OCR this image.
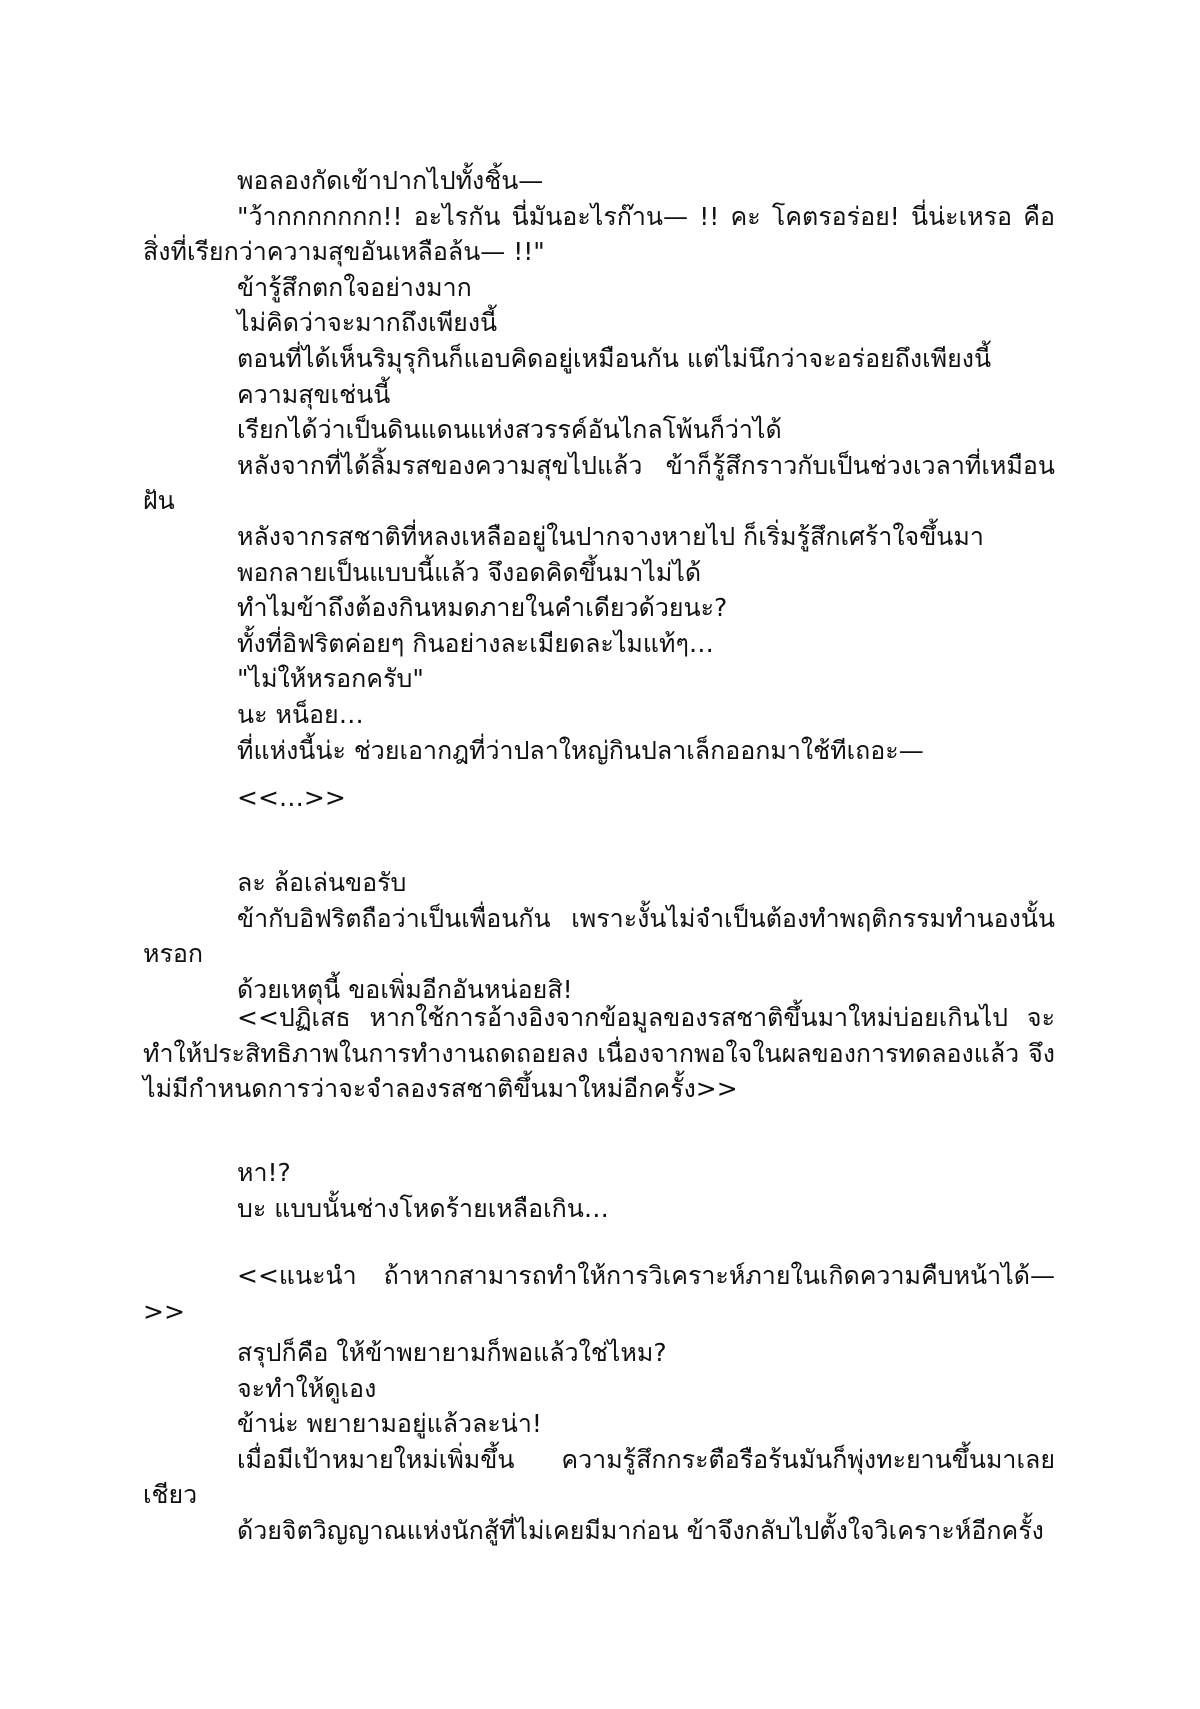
พอลองกัดเข้าปากไปทั้งชิ้น—

"ว้ากกกกกกก!! อะไรกัน นี่มันอะไรก๊าน— !! คะ โคตรอร่อย! นี่น่ะเหรอ คือสิ่งที่เรียกว่าความสุขอันเหลือล้น— !!"

ข้ารู้สึกตกใจอย่างมาก

ไม่คิดว่าจะมากถึงเพียงนี้

ตอนที่ได้เห็นริมุรุกินก็แอบคิดอยู่เหมือนกัน แต่ไม่นึกว่าจะอร่อยถึงเพียงนี้

ความสุขเช่นนี้

เรียกได้ว่าเป็นดินแดนแห่งสวรรค์อันไกลโพ้นก็ว่าได้

หลังจากที่ได้ลิ้มรสของความสุขไปแล้ว ข้าก็รู้สึกราวกับเป็นช่วงเวลาที่เหมือนฝัน

หลังจากรสชาติที่หลงเหลืออยู่ในปากจางหายไป ก็เริ่มรู้สึกเศร้าใจขึ้นมา

พอกลายเป็นแบบนี้แล้ว จึงอดคิดขึ้นมาไม่ได้

ทำไมข้าถึงต้องกินหมดภายในคำเดียวด้วยนะ?

ทั้งที่อิฟริตค่อยๆ กินอย่างละเมียดละไมแท้ๆ…

"ไม่ให้หรอกครับ"

นะ หน็อย…

ที่แห่งนี้น่ะ ช่วยเอากฎที่ว่าปลาใหญ่กินปลาเล็กออกมาใช้ทีเถอะ—

<<…>>

ละ ล้อเล่นขอรับ

ข้ากับอิฟริตถือว่าเป็นเพื่อนกัน เพราะงั้นไม่จำเป็นต้องทำพฤติกรรมทำนองนั้นหรอก

ด้วยเหตุนี้ ขอเพิ่มอีกอันหน่อยสิ!

<<ปฏิเสธ หากใช้การอ้างอิงจากข้อมูลของรสชาติขึ้นมาใหม่บ่อยเกินไป จะทำให้ประสิทธิภาพในการทำงานถดถอยลง เนื่องจากพอใจในผลของการทดลองแล้ว จึงไม่มีกำหนดการว่าจะจำลองรสชาติขึ้นมาใหม่อีกครั้ง>>

หา!?

บะ แบบนั้นช่างโหดร้ายเหลือเกิน…

<<แนะนำ ถ้าหากสามารถทำให้การวิเคราะห์ภายในเกิดความคืบหน้าได้—>>

สรุปก็คือ ให้ข้าพยายามก็พอแล้วใช่ไหม?

จะทำให้ดูเอง

ข้าน่ะ พยายามอยู่แล้วละน่า!

เมื่อมีเป้าหมายใหม่เพิ่มขึ้น ความรู้สึกกระตือรือร้นมันก็พุ่งทะยานขึ้นมาเลยเชียว

ด้วยจิตวิญญาณแห่งนักสู้ที่ไม่เคยมีมาก่อน ข้าจึงกลับไปตั้งใจวิเคราะห์อีกครั้ง
